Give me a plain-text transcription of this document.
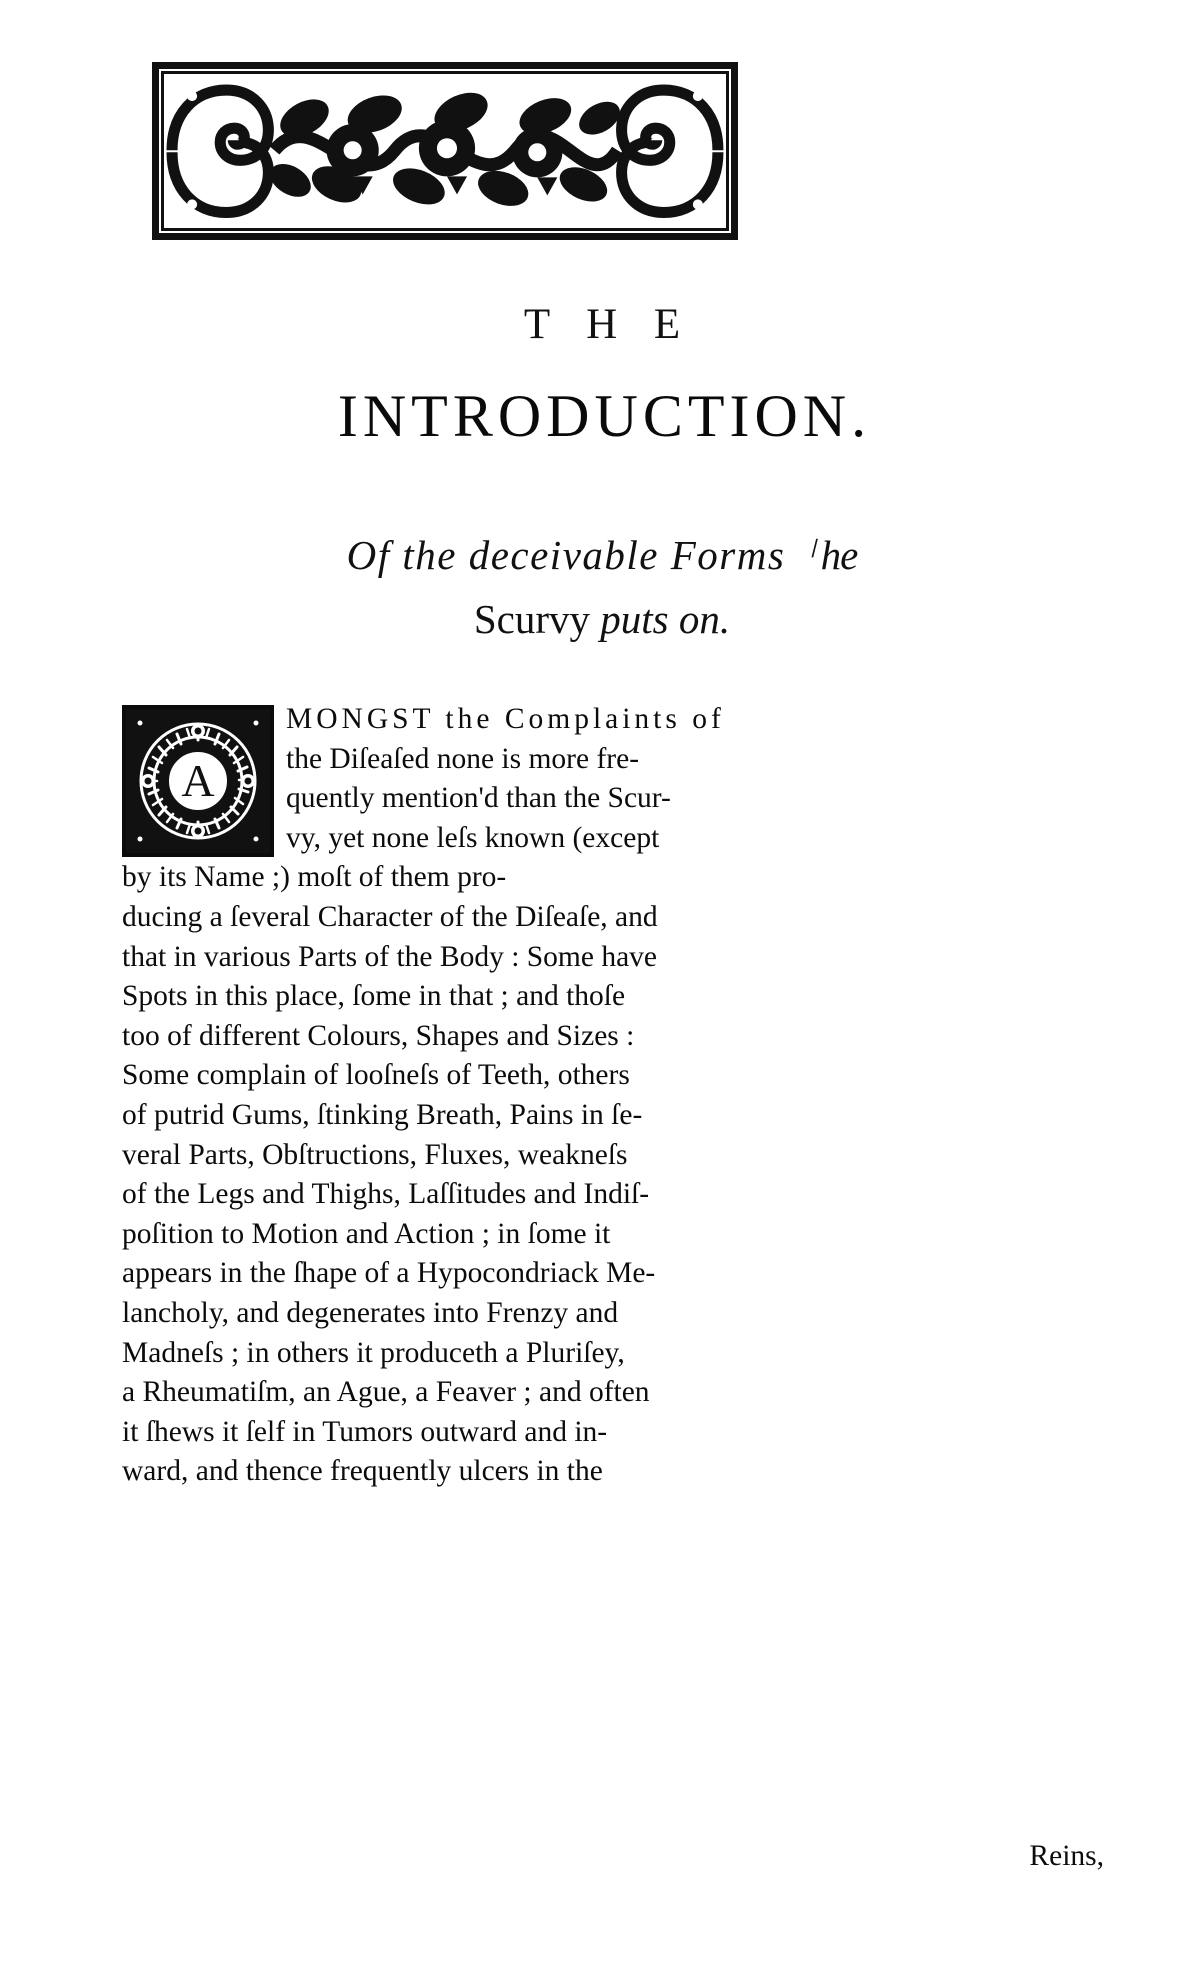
T H E
INTRODUCTION.
Of the deceivable Forms ᛌhe
Scurvy puts on.
A
MONGST the Complaints of
the Diſeaſed none is more fre-
quently mention'd than the Scur-
vy, yet none leſs known (except
by its Name ;) moſt of them pro-
ducing a ſeveral Character of the Diſeaſe, and
that in various Parts of the Body : Some have
Spots in this place, ſome in that ; and thoſe
too of different Colours, Shapes and Sizes :
Some complain of looſneſs of Teeth, others
of putrid Gums, ſtinking Breath, Pains in ſe-
veral Parts, Obſtructions, Fluxes, weakneſs
of the Legs and Thighs, Laſſitudes and Indiſ-
poſition to Motion and Action ; in ſome it
appears in the ſhape of a Hypocondriack Me-
lancholy, and degenerates into Frenzy and
Madneſs ; in others it produceth a Pluriſey,
a Rheumatiſm, an Ague, a Feaver ; and often
it ſhews it ſelf in Tumors outward and in-
ward, and thence frequently ulcers in the
Reins,
